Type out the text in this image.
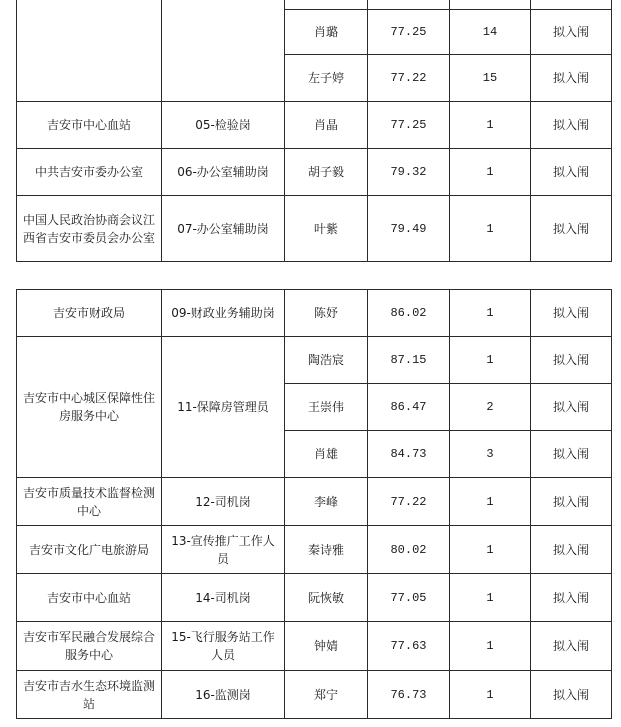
		肖璐	77.25	14	拟入闱
		左子婷	77.22	15	拟入闱
吉安市中心血站	05-检验岗	肖晶	77.25	1	拟入闱
中共吉安市委办公室	06-办公室辅助岗	胡子毅	79.32	1	拟入闱
中国人民政治协商会议江西省吉安市委员会办公室	07-办公室辅助岗	叶紫	79.49	1	拟入闱
吉安市财政局	09-财政业务辅助岗	陈妤	86.02	1	拟入闱
吉安市中心城区保障性住房服务中心	11-保障房管理员	陶浩宸	87.15	1	拟入闱
		王崇伟	86.47	2	拟入闱
		肖雄	84.73	3	拟入闱
吉安市质量技术监督检测中心	12-司机岗	李峰	77.22	1	拟入闱
吉安市文化广电旅游局	13-宣传推广工作人员	秦诗雅	80.02	1	拟入闱
吉安市中心血站	14-司机岗	阮恢敏	77.05	1	拟入闱
吉安市军民融合发展综合服务中心	15-飞行服务站工作人员	钟婧	77.63	1	拟入闱
吉安市吉水生态环境监测站	16-监测岗	郑宁	76.73	1	拟入闱
